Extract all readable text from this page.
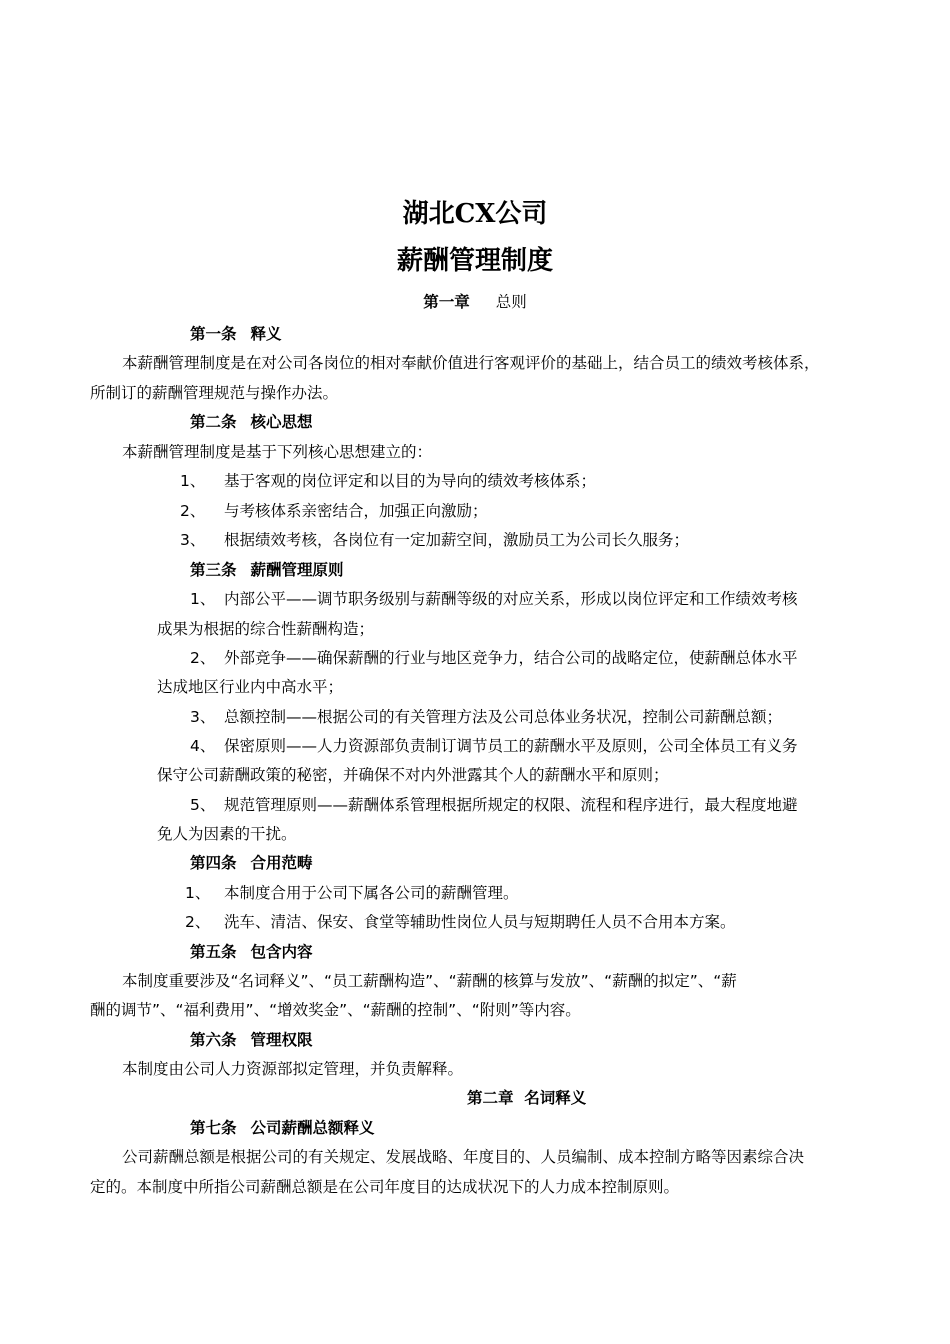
湖北CX公司
薪酬管理制度
第一章 总则
第一条 释义
本薪酬管理制度是在对公司各岗位的相对奉献价值进行客观评价的基础上，结合员工的绩效考核体系，
所制订的薪酬管理规范与操作办法。
第二条 核心思想
本薪酬管理制度是基于下列核心思想建立的：
1、 基于客观的岗位评定和以目的为导向的绩效考核体系；
2、 与考核体系亲密结合，加强正向激励；
3、 根据绩效考核，各岗位有一定加薪空间，激励员工为公司长久服务；
第三条 薪酬管理原则
1、 内部公平——调节职务级别与薪酬等级的对应关系，形成以岗位评定和工作绩效考核
成果为根据的综合性薪酬构造；
2、 外部竞争——确保薪酬的行业与地区竞争力，结合公司的战略定位，使薪酬总体水平
达成地区行业内中高水平；
3、 总额控制——根据公司的有关管理方法及公司总体业务状况，控制公司薪酬总额；
4、 保密原则——人力资源部负责制订调节员工的薪酬水平及原则，公司全体员工有义务
保守公司薪酬政策的秘密，并确保不对内外泄露其个人的薪酬水平和原则；
5、 规范管理原则——薪酬体系管理根据所规定的权限、流程和程序进行，最大程度地避
免人为因素的干扰。
第四条 合用范畴
1、 本制度合用于公司下属各公司的薪酬管理。
2、 洗车、清洁、保安、食堂等辅助性岗位人员与短期聘任人员不合用本方案。
第五条 包含内容
本制度重要涉及“名词释义”、“员工薪酬构造”、“薪酬的核算与发放”、“薪酬的拟定”、“薪
酬的调节”、“福利费用”、“增效奖金”、“薪酬的控制”、“附则”等内容。
第六条 管理权限
本制度由公司人力资源部拟定管理，并负责解释。
第二章  名词释义
第七条 公司薪酬总额释义
公司薪酬总额是根据公司的有关规定、发展战略、年度目的、人员编制、成本控制方略等因素综合决
定的。本制度中所指公司薪酬总额是在公司年度目的达成状况下的人力成本控制原则。
